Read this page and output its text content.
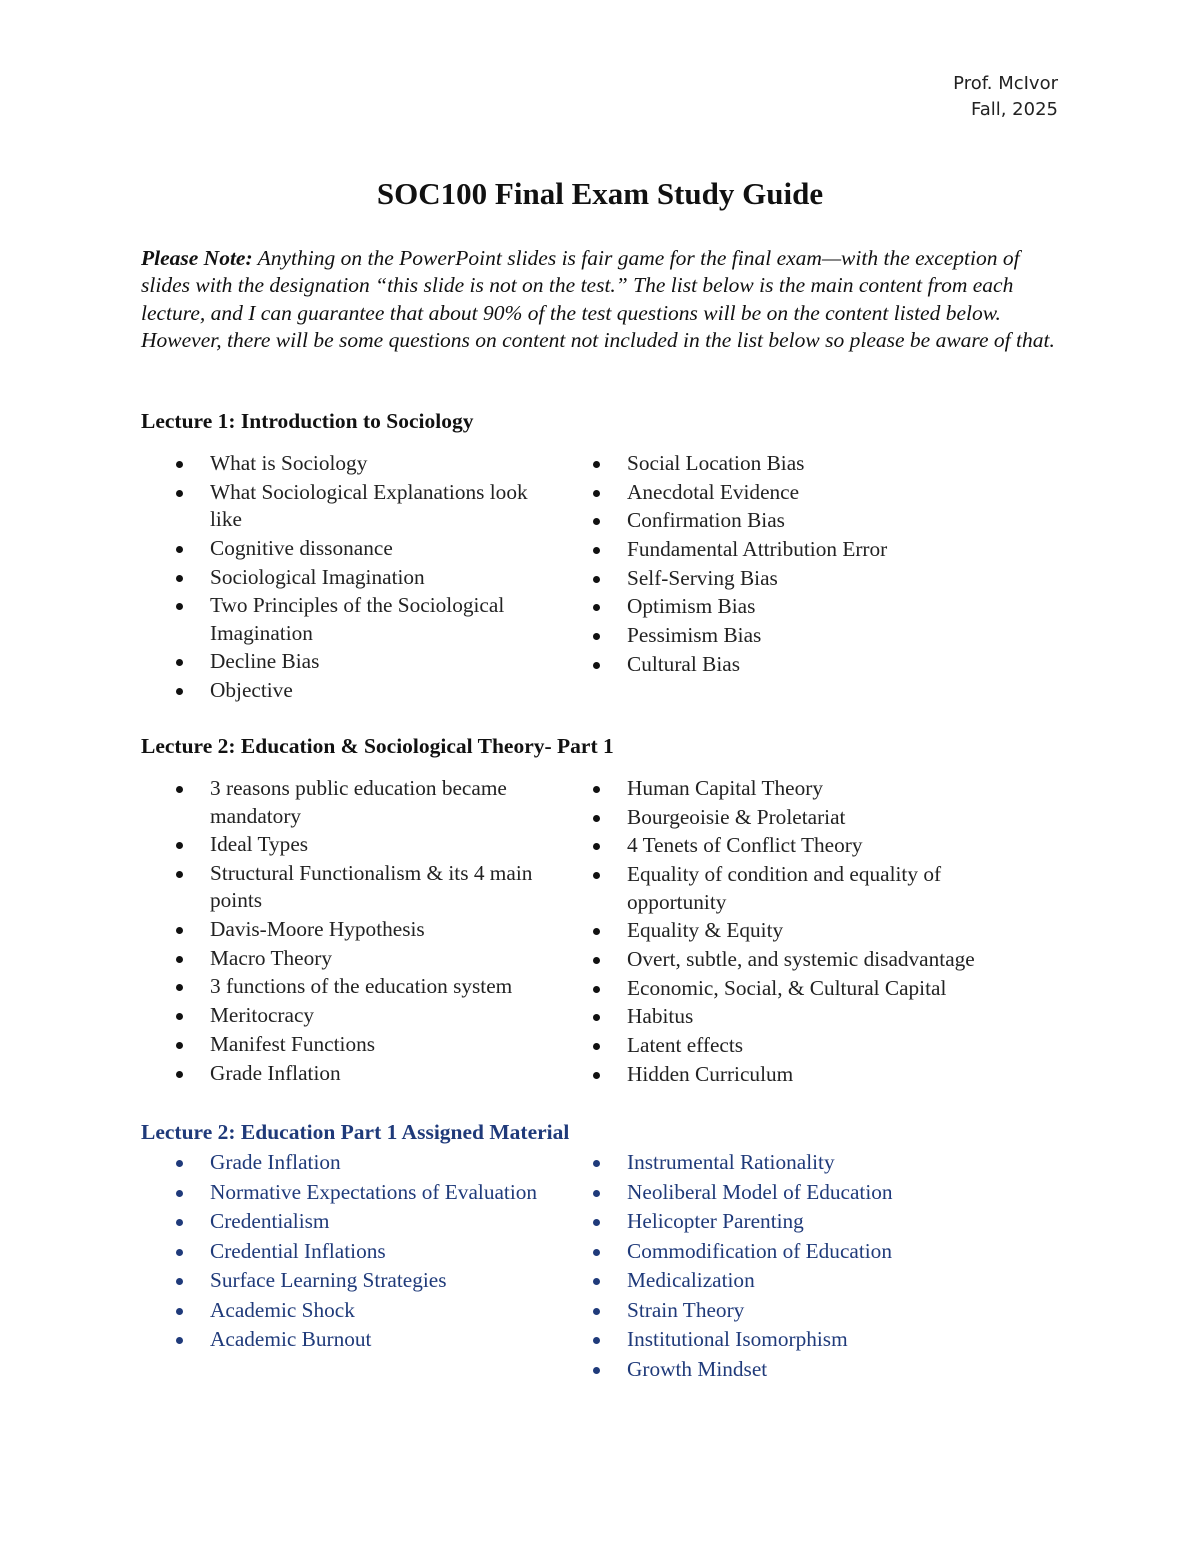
Prof. McIvor
Fall, 2025
SOC100 Final Exam Study Guide
Please Note: Anything on the PowerPoint slides is fair game for the final exam—with the exception of slides with the designation “this slide is not on the test.” The list below is the main content from each lecture, and I can guarantee that about 90% of the test questions will be on the content listed below. However, there will be some questions on content not included in the list below so please be aware of that.
Lecture 1: Introduction to Sociology
What is Sociology
What Sociological Explanations look like
Cognitive dissonance
Sociological Imagination
Two Principles of the Sociological Imagination
Decline Bias
Objective
Social Location Bias
Anecdotal Evidence
Confirmation Bias
Fundamental Attribution Error
Self-Serving Bias
Optimism Bias
Pessimism Bias
Cultural Bias
Lecture 2: Education & Sociological Theory- Part 1
3 reasons public education became mandatory
Ideal Types
Structural Functionalism & its 4 main points
Davis-Moore Hypothesis
Macro Theory
3 functions of the education system
Meritocracy
Manifest Functions
Grade Inflation
Human Capital Theory
Bourgeoisie & Proletariat
4 Tenets of Conflict Theory
Equality of condition and equality of opportunity
Equality & Equity
Overt, subtle, and systemic disadvantage
Economic, Social, & Cultural Capital
Habitus
Latent effects
Hidden Curriculum
Lecture 2: Education Part 1 Assigned Material
Grade Inflation
Normative Expectations of Evaluation
Credentialism
Credential Inflations
Surface Learning Strategies
Academic Shock
Academic Burnout
Instrumental Rationality
Neoliberal Model of Education
Helicopter Parenting
Commodification of Education
Medicalization
Strain Theory
Institutional Isomorphism
Growth Mindset
